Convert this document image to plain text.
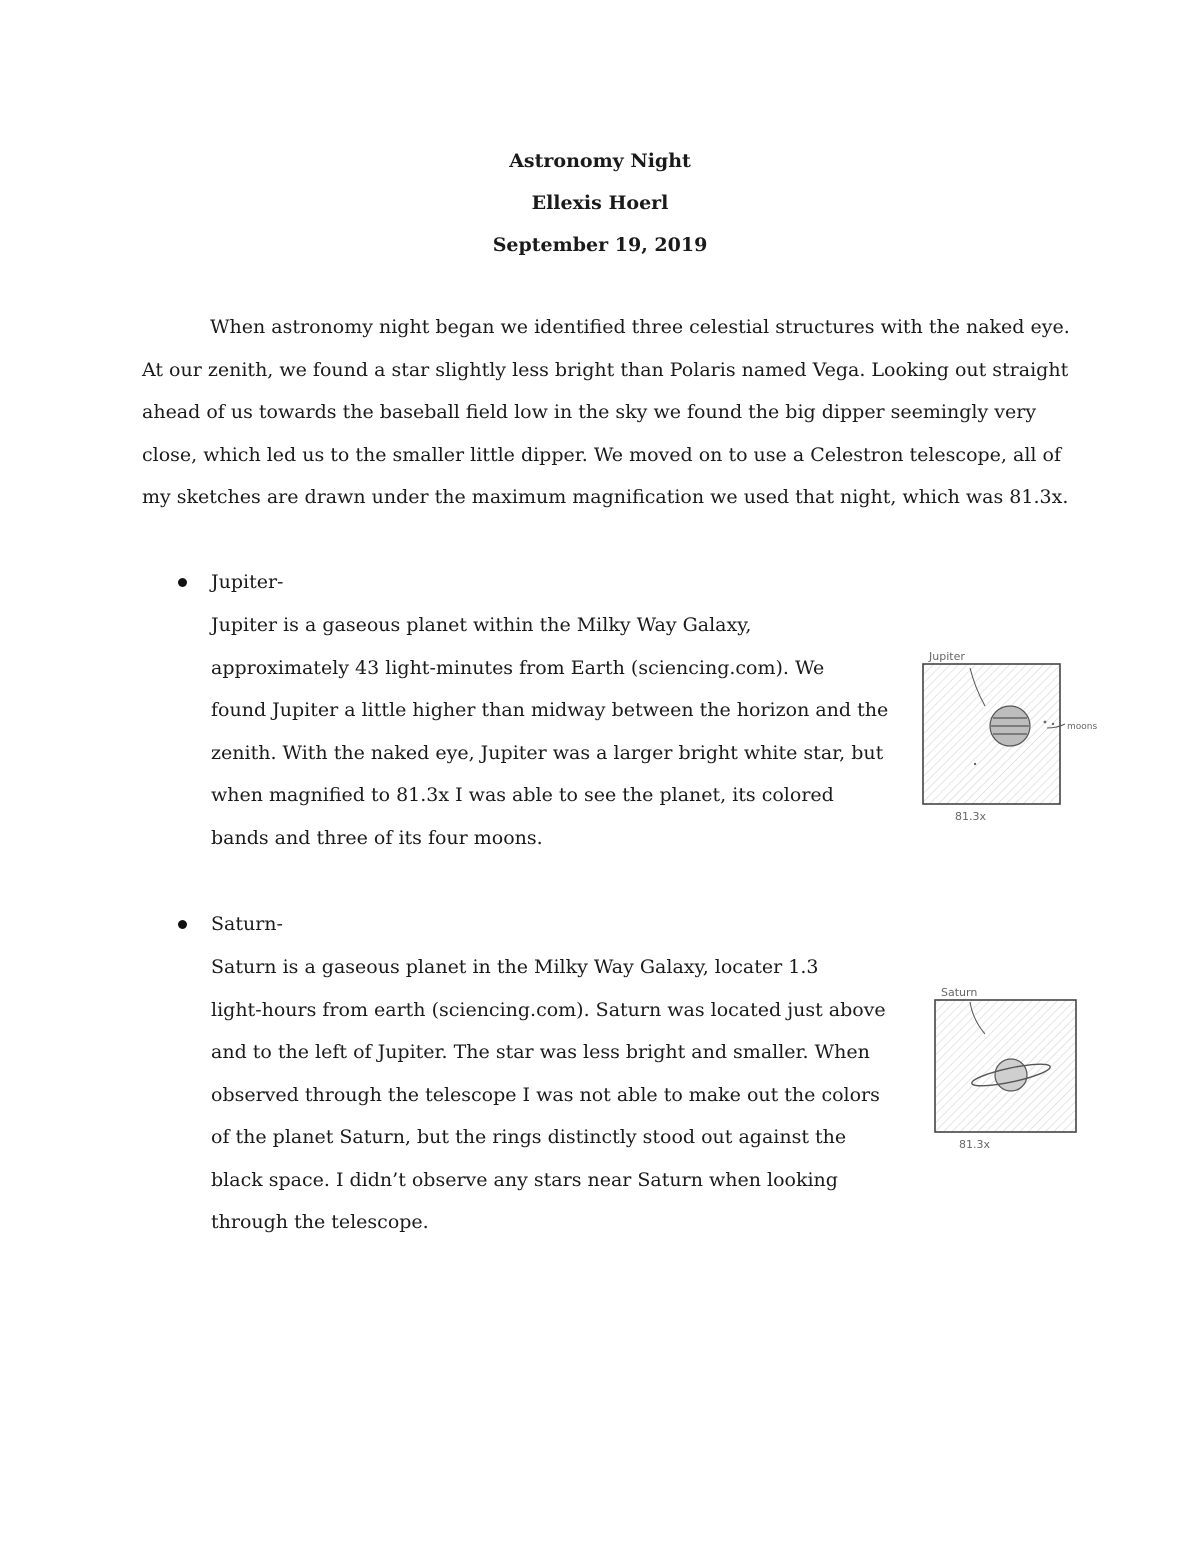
Astronomy Night
Ellexis Hoerl
September 19, 2019

When astronomy night began we identified three celestial structures with the naked eye.
At our zenith, we found a star slightly less bright than Polaris named Vega. Looking out straight
ahead of us towards the baseball field low in the sky we found the big dipper seemingly very
close, which led us to the smaller little dipper. We moved on to use a Celestron telescope, all of
my sketches are drawn under the maximum magnification we used that night, which was 81.3x.

Jupiter-
Jupiter is a gaseous planet within the Milky Way Galaxy,
approximately 43 light-minutes from Earth (sciencing.com). We
found Jupiter a little higher than midway between the horizon and the
zenith. With the naked eye, Jupiter was a larger bright white star, but
when magnified to 81.3x I was able to see the planet, its colored
bands and three of its four moons.
Jupiter
moons
81.3x
Saturn-
Saturn is a gaseous planet in the Milky Way Galaxy, locater 1.3
light-hours from earth (sciencing.com). Saturn was located just above
and to the left of Jupiter. The star was less bright and smaller. When
observed through the telescope I was not able to make out the colors
of the planet Saturn, but the rings distinctly stood out against the
black space. I didn’t observe any stars near Saturn when looking
through the telescope.
Saturn
81.3x
